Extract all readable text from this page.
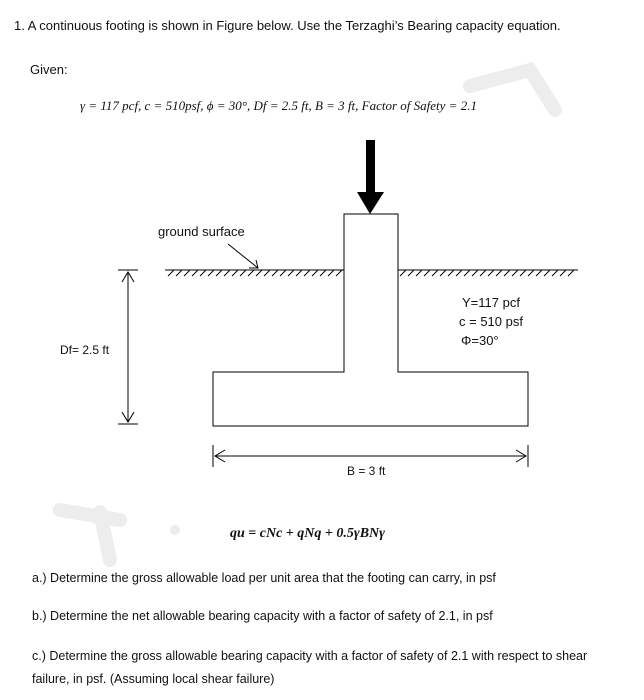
1. A continuous footing is shown in Figure below. Use the Terzaghi’s Bearing capacity equation.
Given:
γ = 117 pcf, c = 510psf, ϕ = 30°, Df = 2.5 ft, B = 3 ft, Factor of Safety = 2.1
ground surface
Y=117 pcf
c = 510 psf
Φ=30°
Df= 2.5 ft
B = 3 ft
qu = cNc + qNq + 0.5γBNγ
a.) Determine the gross allowable load per unit area that the footing can carry, in psf
b.) Determine the net allowable bearing capacity with a factor of safety of 2.1, in psf
c.) Determine the gross allowable bearing capacity with a factor of safety of 2.1 with respect to shear
failure, in psf. (Assuming local shear failure)
